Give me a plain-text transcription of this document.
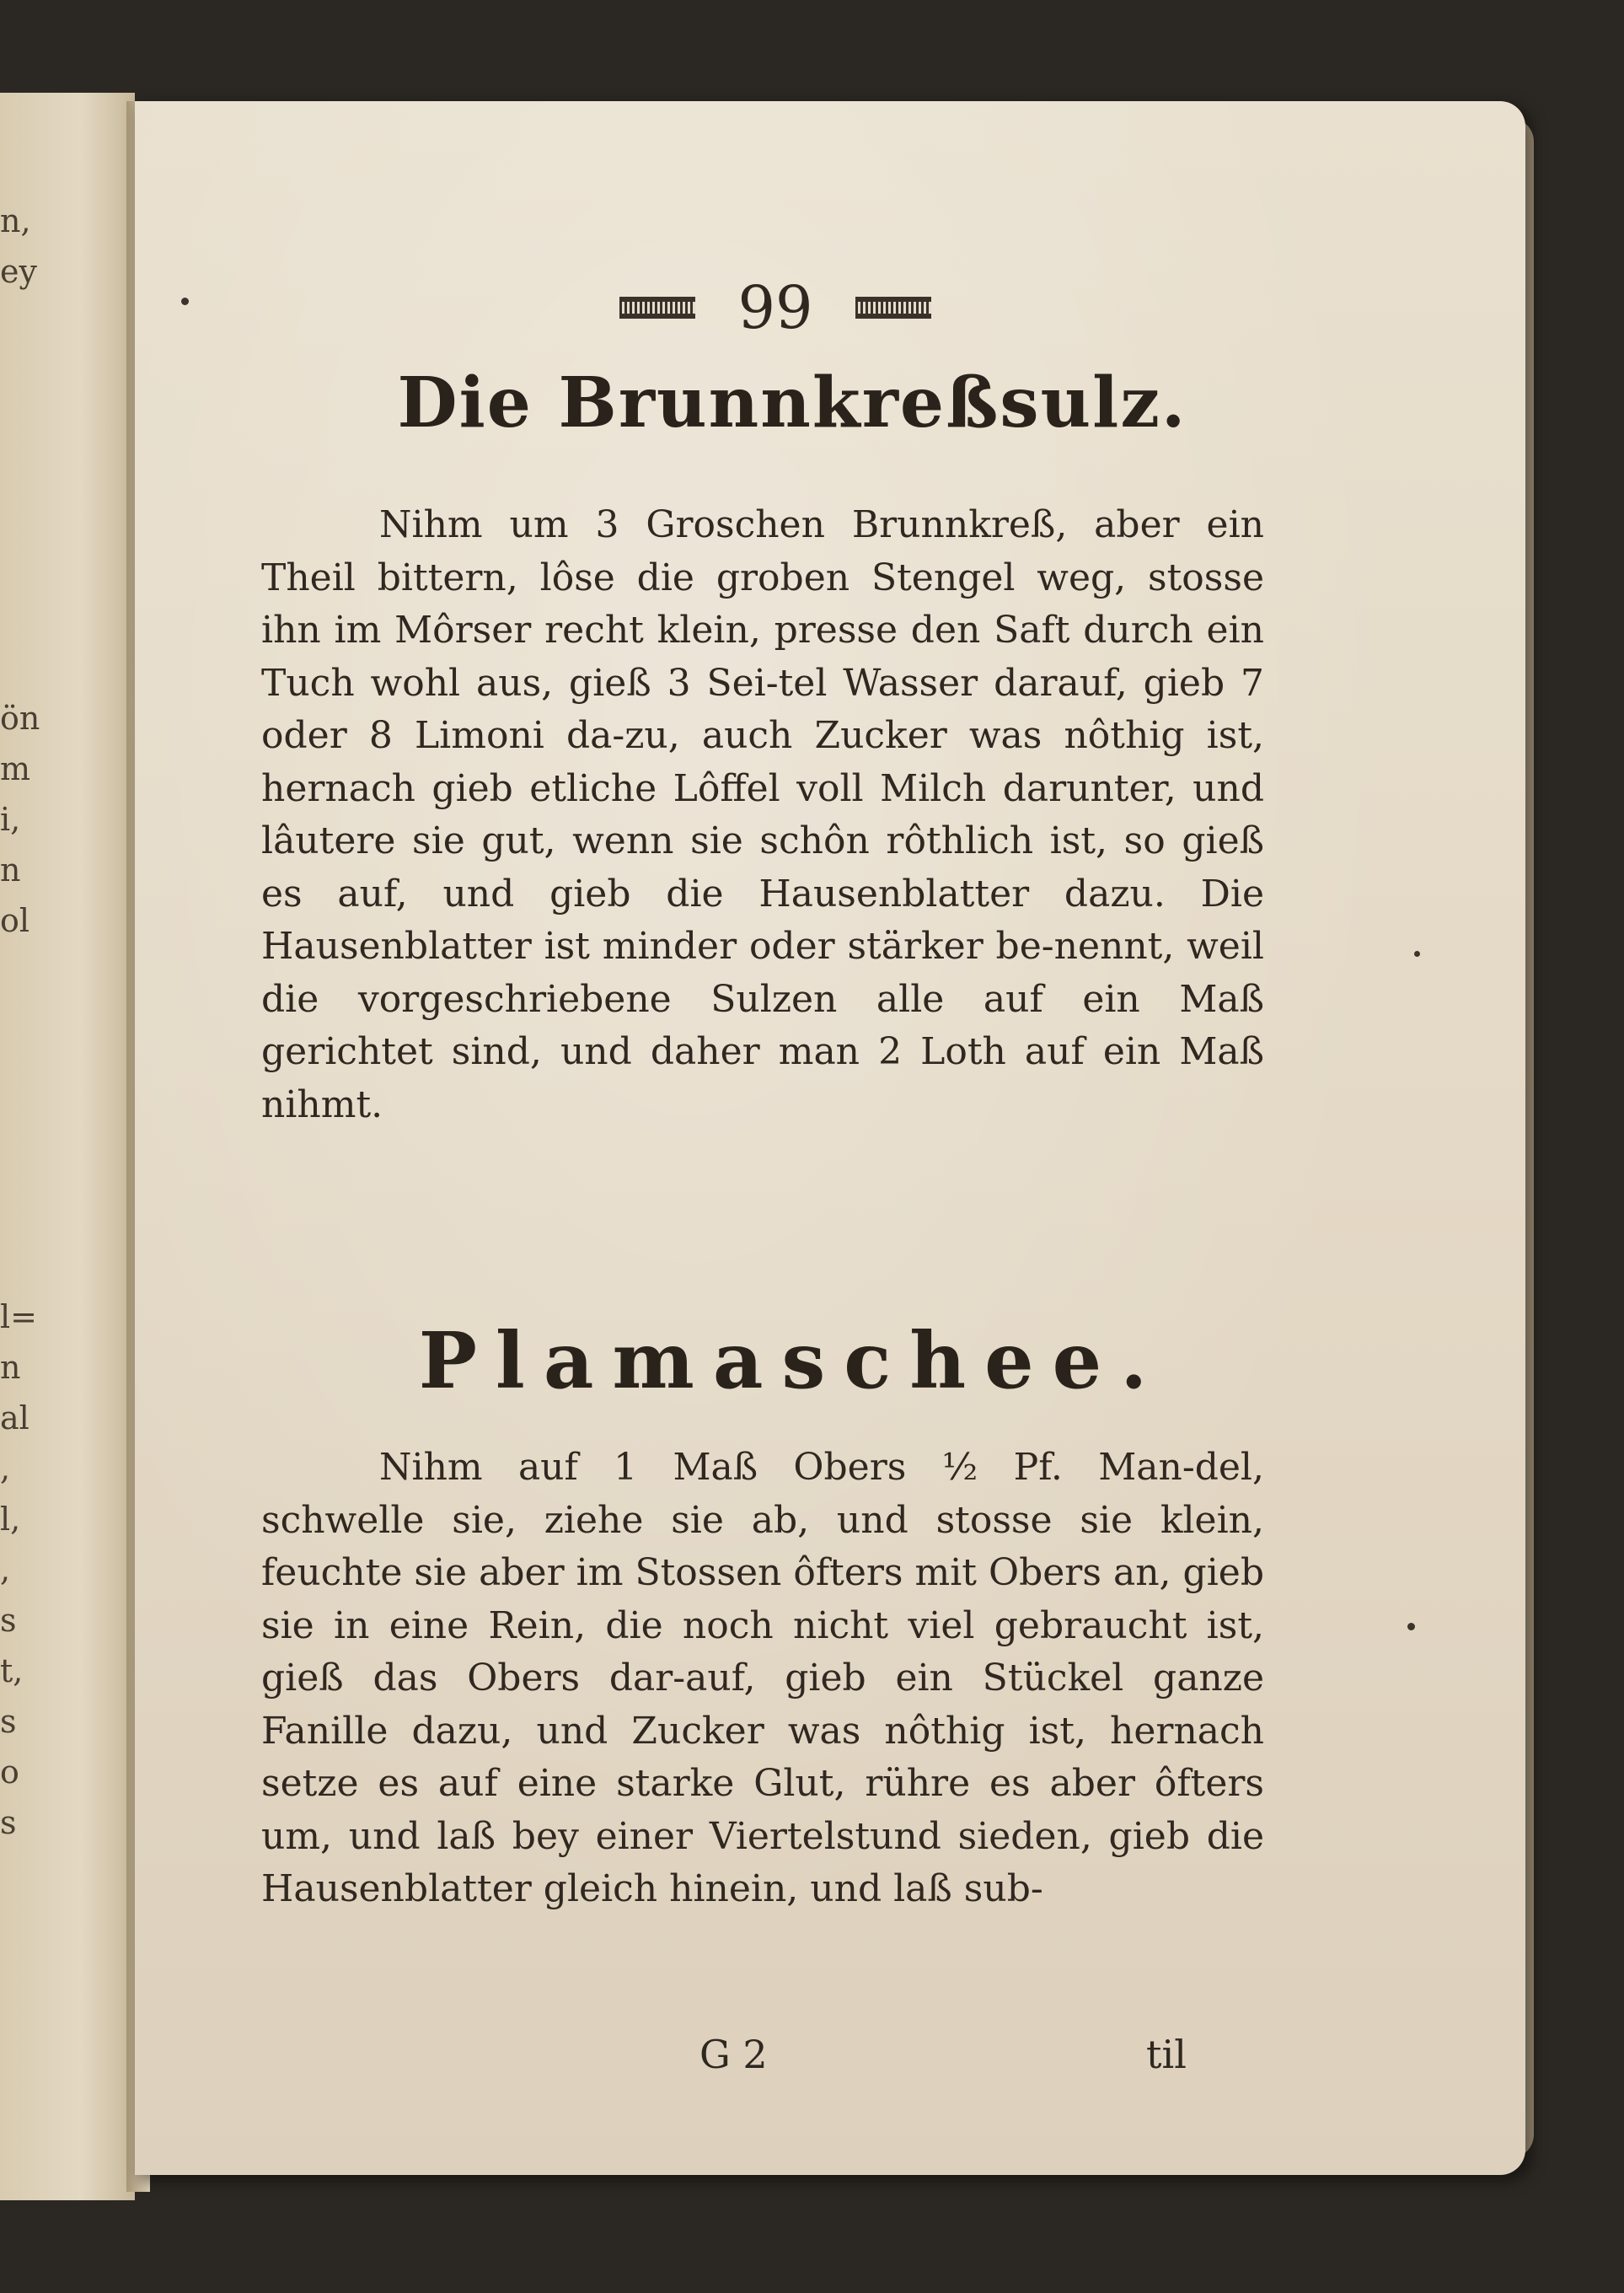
n,
ey
ön
m
i,
n
ol
l=
n
al
,
l,
,
s
t,
s
o
s
99
Die Brunnkreßsulz.

Nihm um 3 Groschen Brunnkreß, aber ein Theil bittern, lôse die groben Stengel weg, stosse ihn im Môrser recht klein, presse den Saft durch ein Tuch wohl aus, gieß 3 Sei‑tel Wasser darauf, gieb 7 oder 8 Limoni da‑zu, auch Zucker was nôthig ist, hernach gieb etliche Lôffel voll Milch darunter, und lâutere sie gut, wenn sie schôn rôthlich ist, so gieß es auf, und gieb die Hausenblatter dazu. Die Hausenblatter ist minder oder stärker be‑nennt, weil die vorgeschriebene Sulzen alle auf ein Maß gerichtet sind, und daher man 2 Loth auf ein Maß nihmt.

Plamaschee.

Nihm auf 1 Maß Obers ½ Pf. Man‑del, schwelle sie, ziehe sie ab, und stosse sie klein, feuchte sie aber im Stossen ôfters mit Obers an, gieb sie in eine Rein, die noch nicht viel gebraucht ist, gieß das Obers dar‑auf, gieb ein Stückel ganze Fanille dazu, und Zucker was nôthig ist, hernach setze es auf eine starke Glut, rühre es aber ôfters um, und laß bey einer Viertelstund sieden, gieb die Hausenblatter gleich hinein, und laß sub‑

G 2	til
